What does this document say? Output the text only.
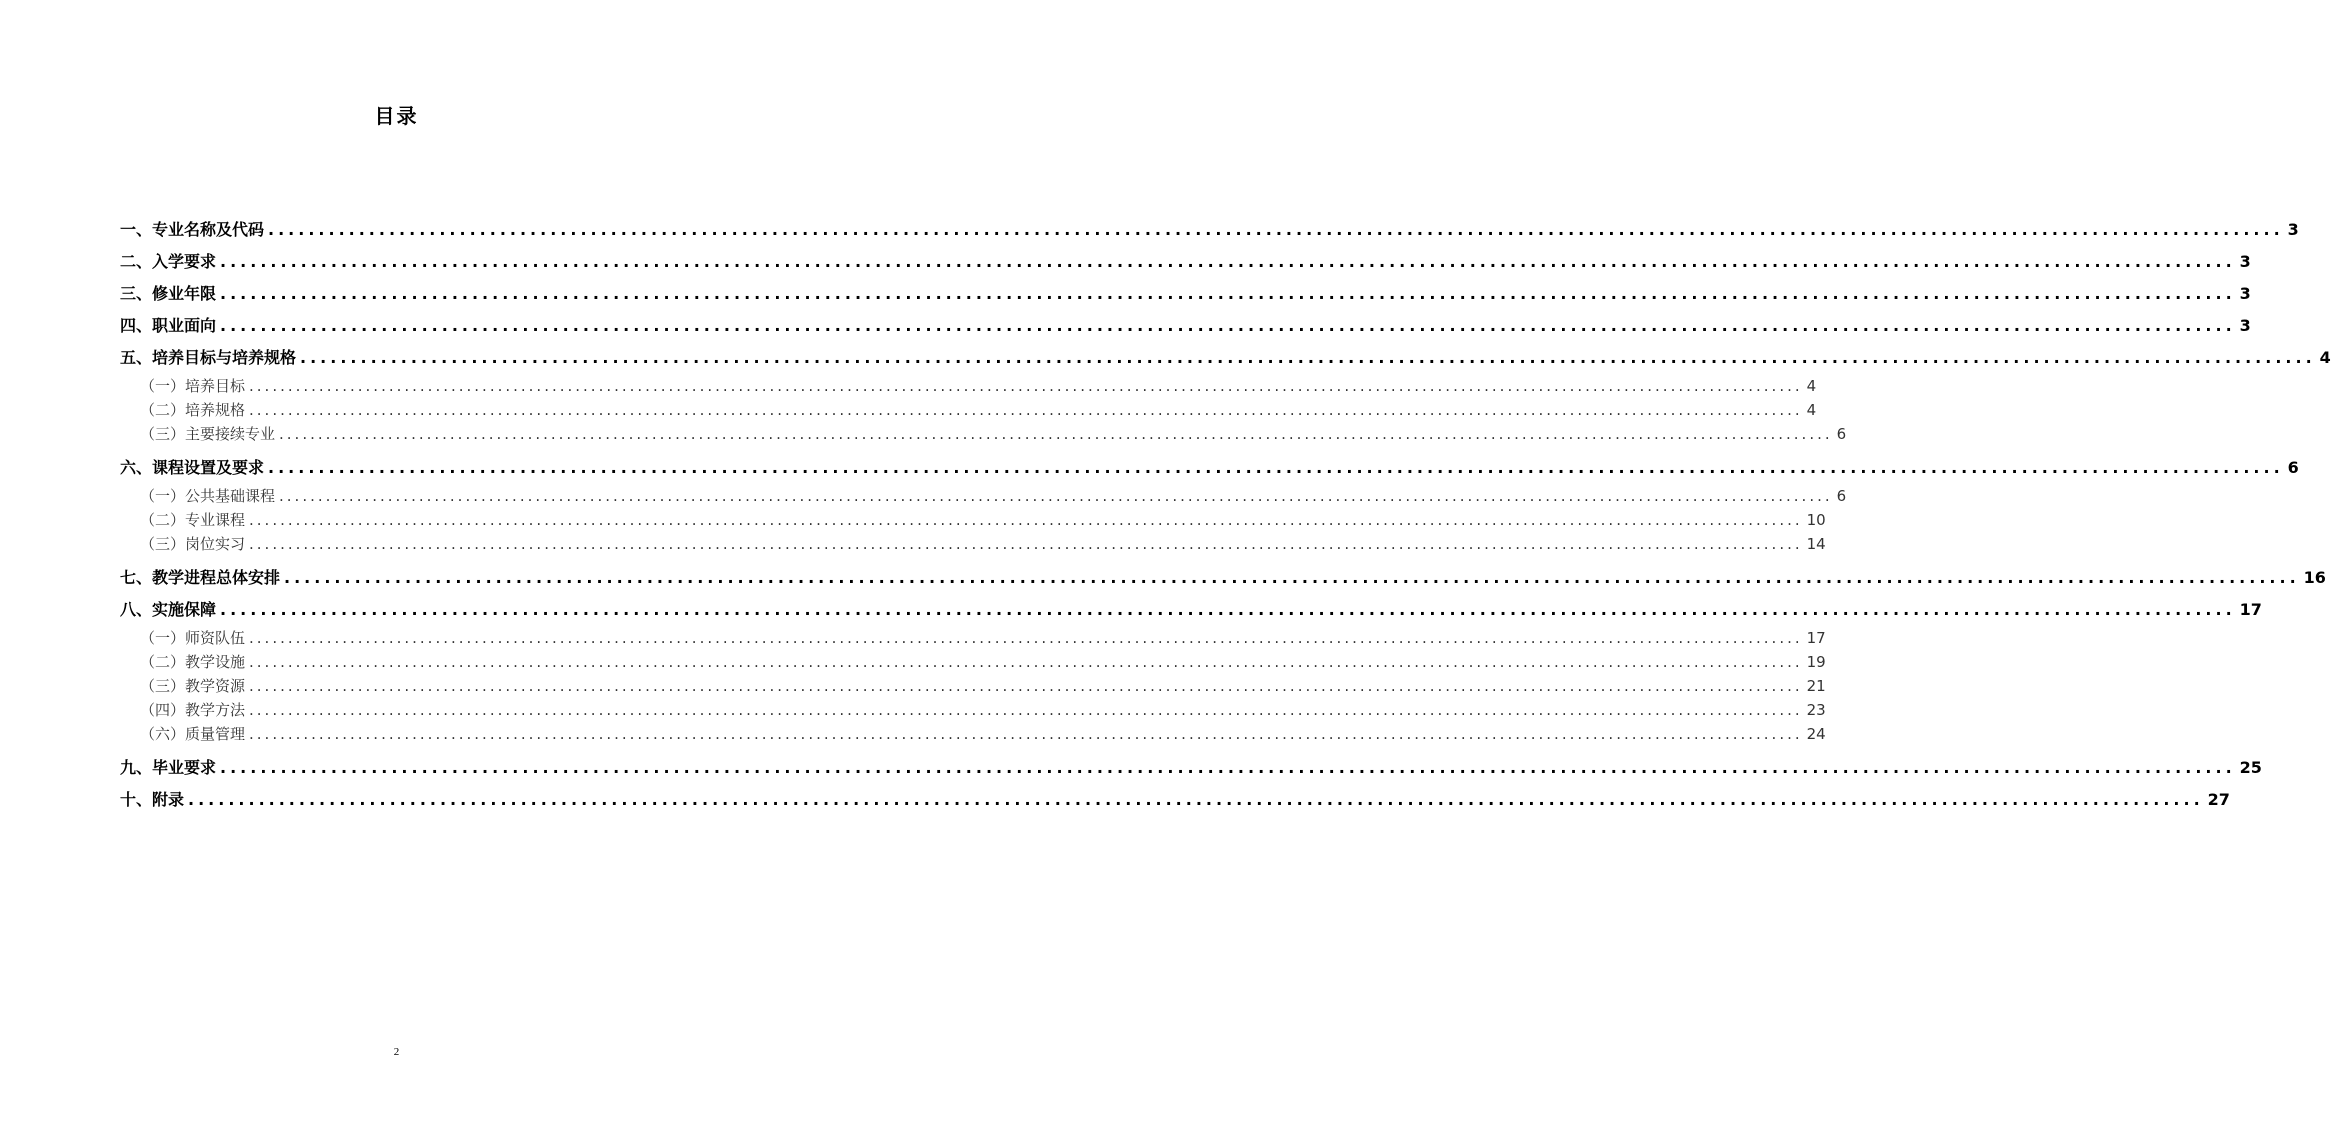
目录
一、专业名称及代码 ........................................................................................................................................................................................................ 3
二、入学要求 ........................................................................................................................................................................................................ 3
三、修业年限 ........................................................................................................................................................................................................ 3
四、职业面向 ........................................................................................................................................................................................................ 3
五、培养目标与培养规格 ........................................................................................................................................................................................................ 4
（一）培养目标 ........................................................................................................................................................................................................ 4
（二）培养规格 ........................................................................................................................................................................................................ 4
（三）主要接续专业 ........................................................................................................................................................................................................ 6
六、课程设置及要求 ........................................................................................................................................................................................................ 6
（一）公共基础课程 ........................................................................................................................................................................................................ 6
（二）专业课程 ........................................................................................................................................................................................................ 10
（三）岗位实习 ........................................................................................................................................................................................................ 14
七、教学进程总体安排 ........................................................................................................................................................................................................ 16
八、实施保障 ........................................................................................................................................................................................................ 17
（一）师资队伍 ........................................................................................................................................................................................................ 17
（二）教学设施 ........................................................................................................................................................................................................ 19
（三）教学资源 ........................................................................................................................................................................................................ 21
（四）教学方法 ........................................................................................................................................................................................................ 23
（六）质量管理 ........................................................................................................................................................................................................ 24
九、毕业要求 ........................................................................................................................................................................................................ 25
十、附录 ........................................................................................................................................................................................................ 27
2
